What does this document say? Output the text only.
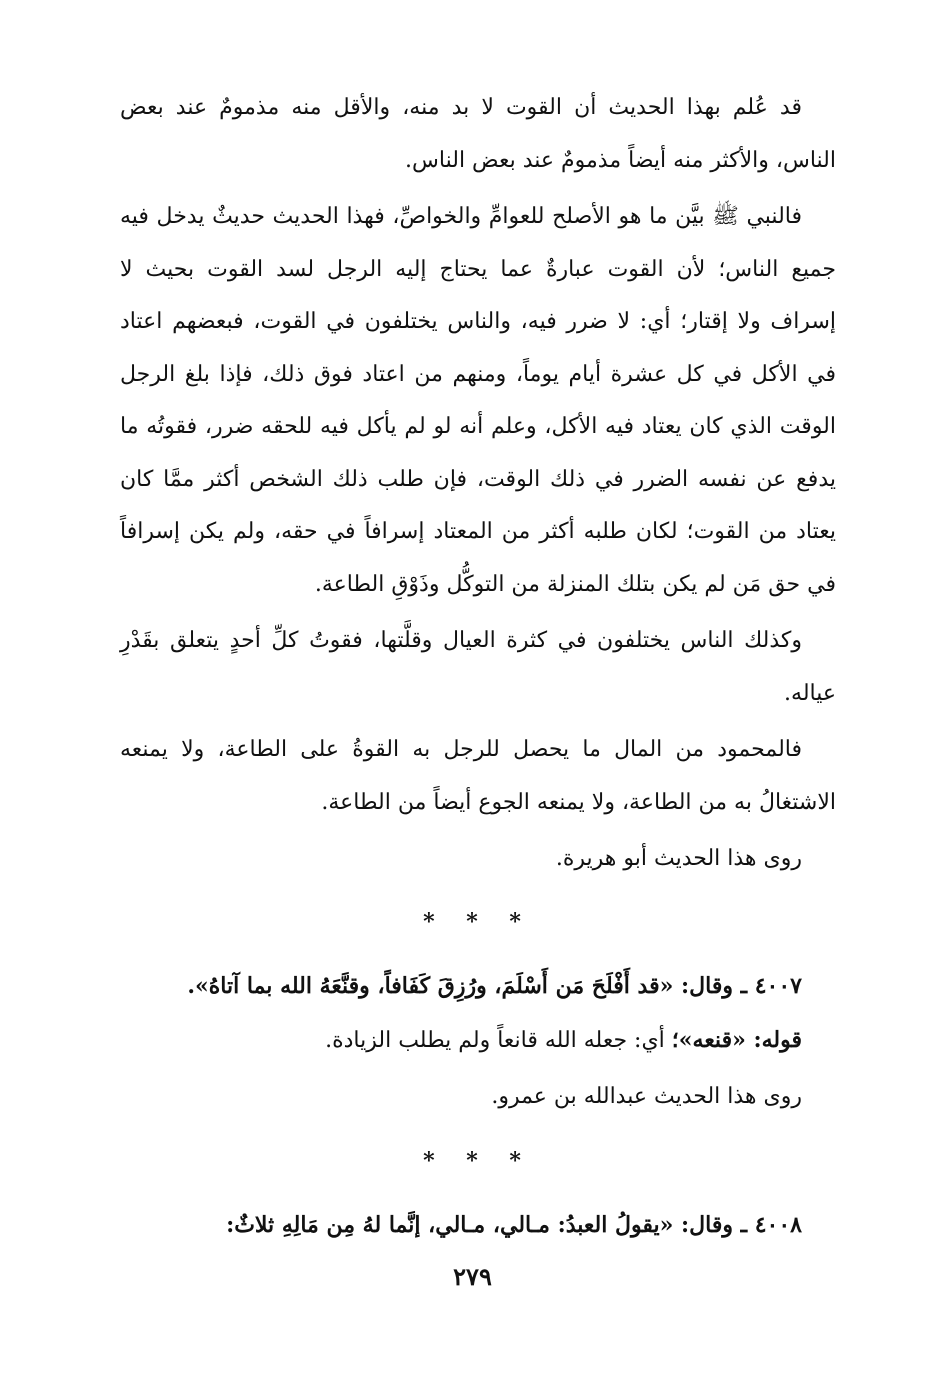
قد عُلم بهذا الحديث أن القوت لا بد منه، والأقل منه مذمومٌ عند بعض الناس، والأكثر منه أيضاً مذمومٌ عند بعض الناس.

فالنبي ﷺ بيَّن ما هو الأصلح للعوامِّ والخواصِّ، فهذا الحديث حديثٌ يدخل فيه جميع الناس؛ لأن القوت عبارةٌ عما يحتاج إليه الرجل لسد القوت بحيث لا إسراف ولا إقتار؛ أي: لا ضرر فيه، والناس يختلفون في القوت، فبعضهم اعتاد في الأكل في كل عشرة أيام يوماً، ومنهم من اعتاد فوق ذلك، فإذا بلغ الرجل الوقت الذي كان يعتاد فيه الأكل، وعلم أنه لو لم يأكل فيه للحقه ضرر، فقوتُه ما يدفع عن نفسه الضرر في ذلك الوقت، فإن طلب ذلك الشخص أكثر ممَّا كان يعتاد من القوت؛ لكان طلبه أكثر من المعتاد إسرافاً في حقه، ولم يكن إسرافاً في حق مَن لم يكن بتلك المنزلة من التوكُّل وذَوْقِ الطاعة.

وكذلك الناس يختلفون في كثرة العيال وقلَّتها، فقوتُ كلِّ أحدٍ يتعلق بقَدْرِ عياله.

فالمحمود من المال ما يحصل للرجل به القوةُ على الطاعة، ولا يمنعه الاشتغالُ به من الطاعة، ولا يمنعه الجوع أيضاً من الطاعة.

روى هذا الحديث أبو هريرة.

* * *

٤٠٠٧ ـ وقال: «قد أَفْلَحَ مَن أَسْلَمَ، ورُزِقَ كَفَافاً، وقنَّعَهُ الله بما آتاهُ».

قوله: «قنعه»؛ أي: جعله الله قانعاً ولم يطلب الزيادة.

روى هذا الحديث عبدالله بن عمرو.

* * *

٤٠٠٨ ـ وقال: «يقولُ العبدُ: مـالي، مـالي، إنَّما لهُ مِن مَالِهِ ثلاثٌ:

٢٧٩
